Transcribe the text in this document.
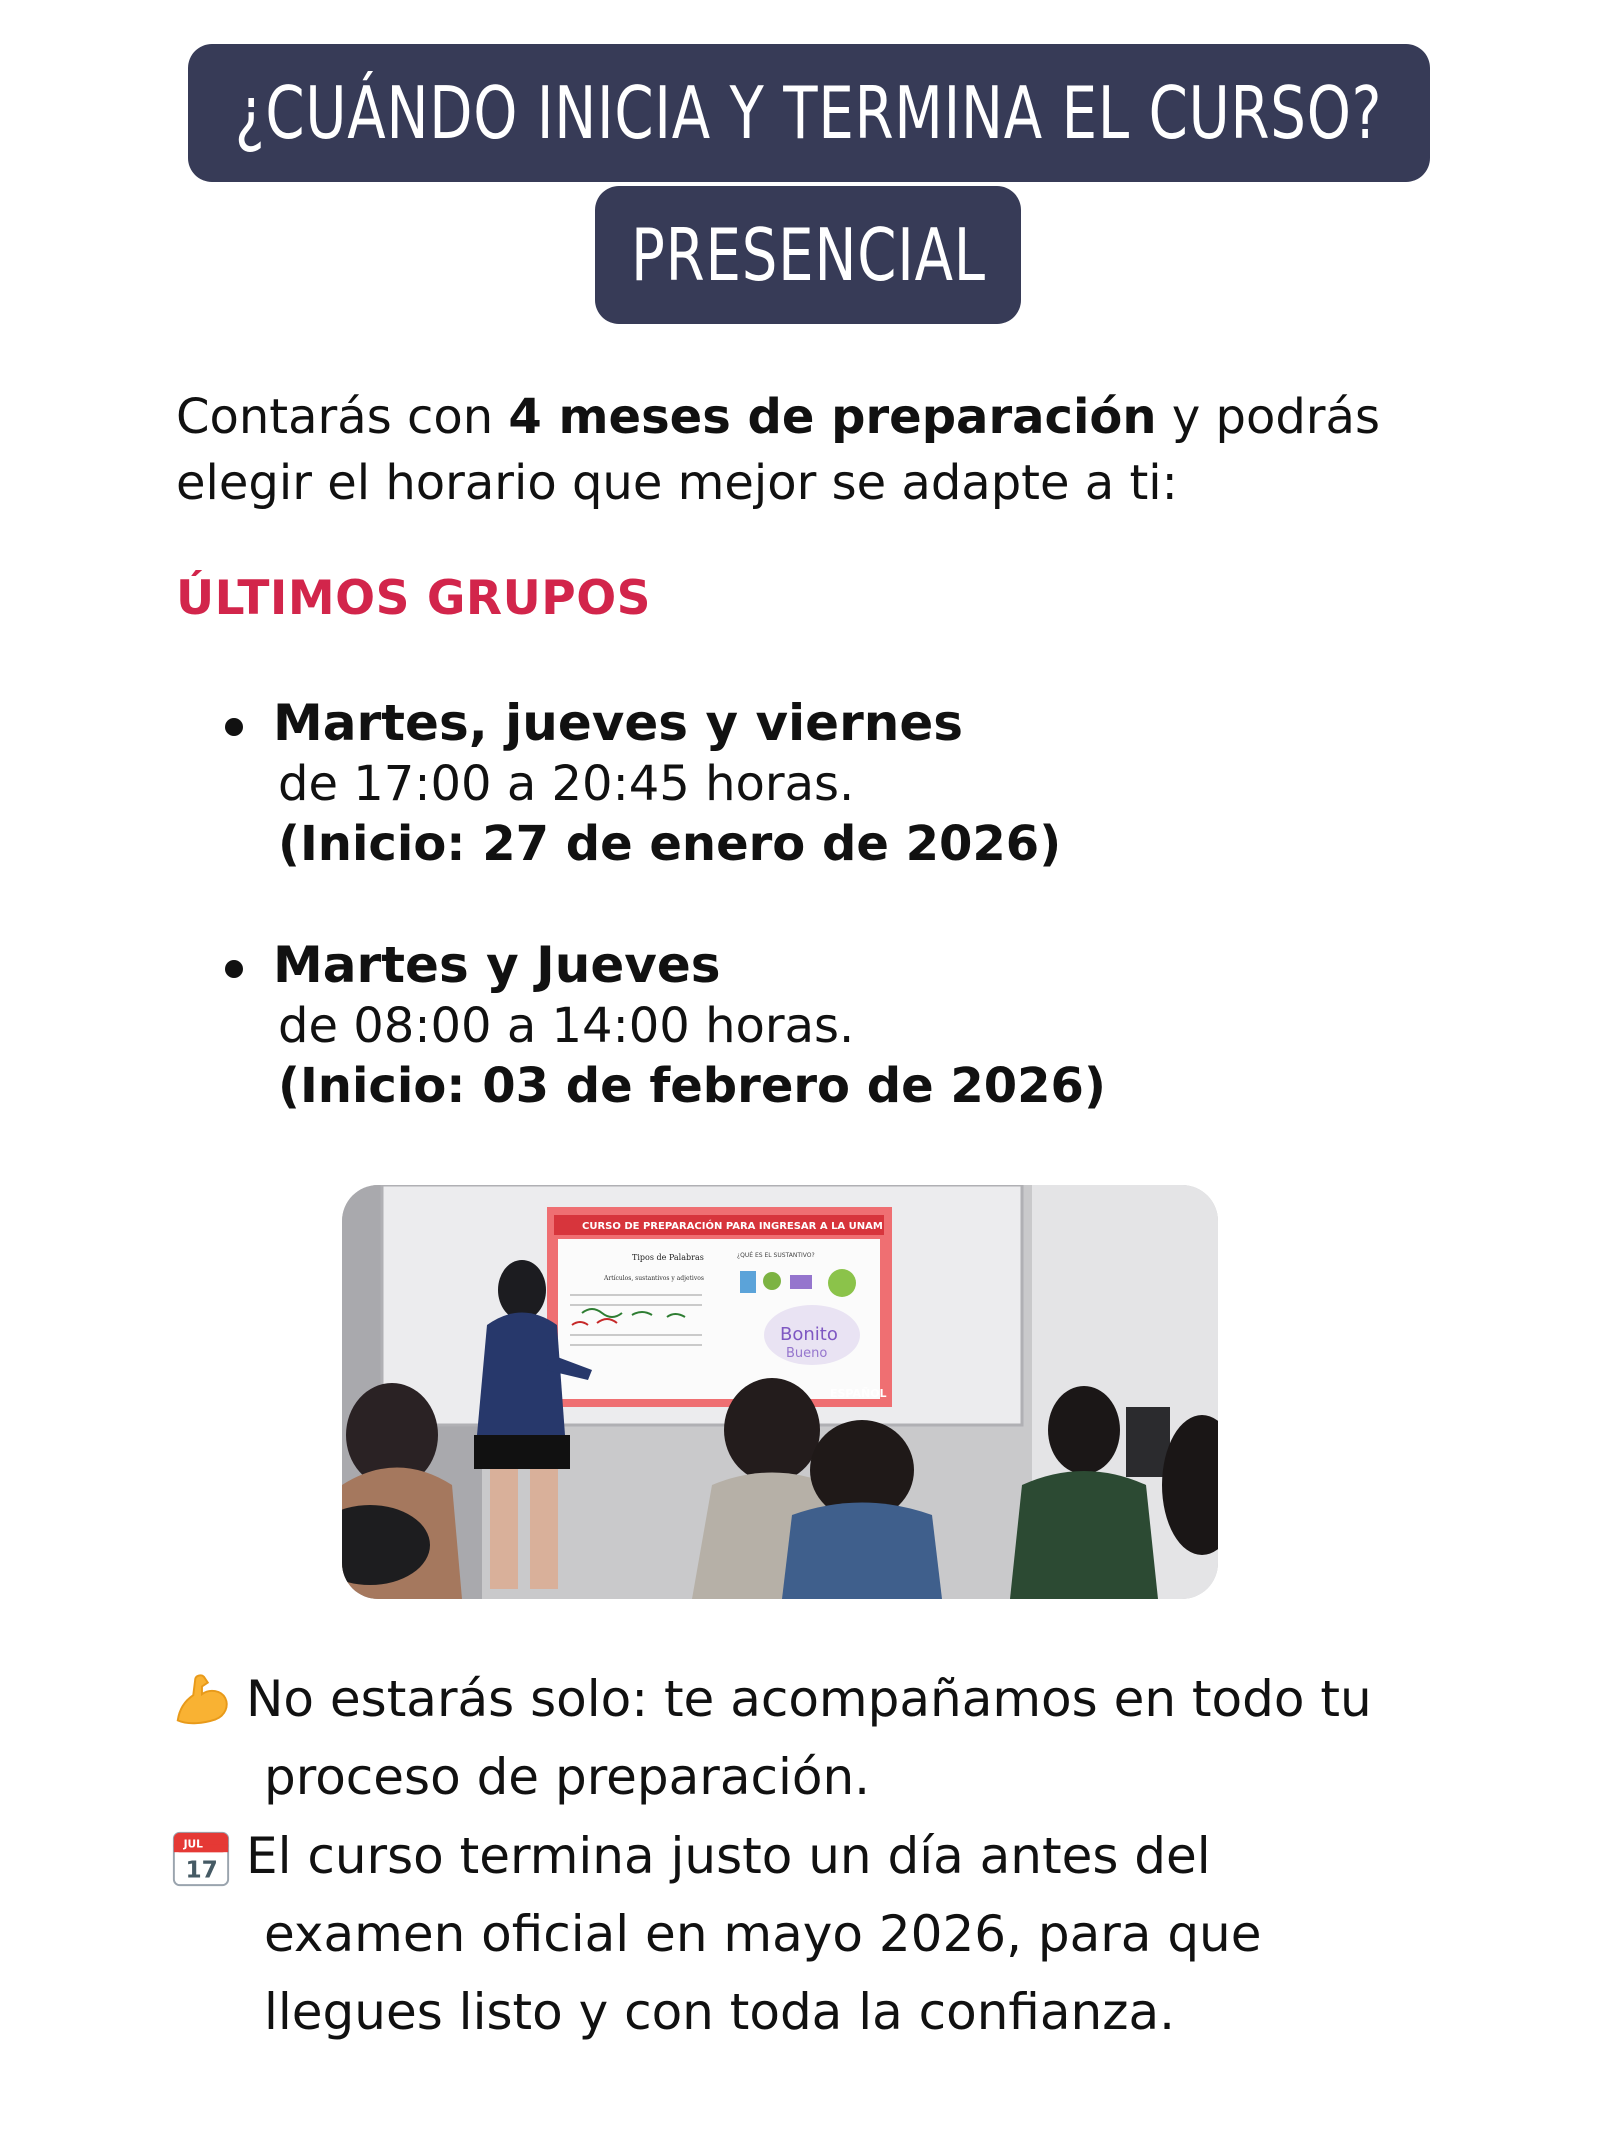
¿CUÁNDO INICIA Y TERMINA EL CURSO?
PRESENCIAL
Contarás con 4 meses de preparación y podrás
elegir el horario que mejor se adapte a ti:
ÚLTIMOS GRUPOS
Martes, jueves y viernes
de 17:00 a 20:45 horas.
(Inicio: 27 de enero de 2026)
Martes y Jueves
de 08:00 a 14:00 horas.
(Inicio: 03 de febrero de 2026)
CURSO DE PREPARACIÓN PARA INGRESAR A LA UNAM
Tipos de Palabras
Artículos, sustantivos y adjetivos
¿QUÉ ES EL SUSTANTIVO?
Bonito
Bueno
ESPAÑOL
No estarás solo: te acompañamos en todo tu
proceso de preparación.
JUL
17 El curso termina justo un día antes del
examen oficial en mayo 2026, para que
llegues listo y con toda la confianza.
